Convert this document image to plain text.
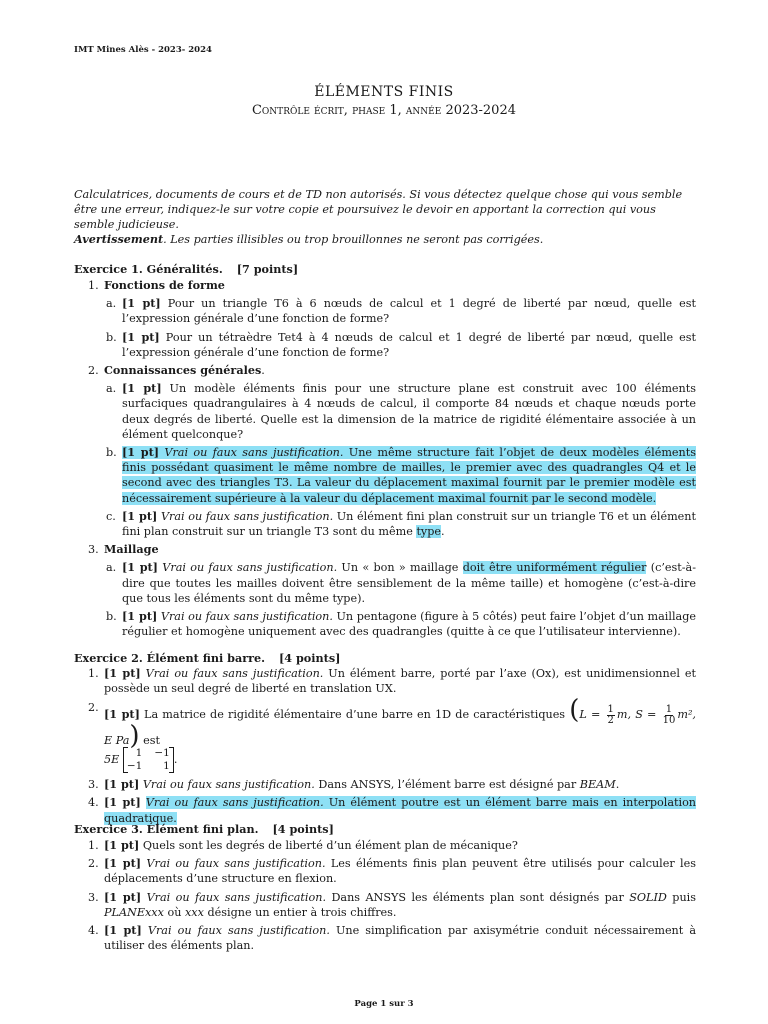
IMT Mines Alès - 2023- 2024
ÉLÉMENTS FINIS
Contrôle écrit, phase 1, année 2023-2024
Calculatrices, documents de cours et de TD non autorisés. Si vous détectez quelque chose qui vous semble être une erreur, indiquez-le sur votre copie et poursuivez le devoir en apportant la correction qui vous semble judicieuse.
Avertissement. Les parties illisibles ou trop brouillonnes ne seront pas corrigées.
Exercice 1. Généralités. [7 points]
1. Fonctions de forme
a. [1 pt] Pour un triangle T6 à 6 nœuds de calcul et 1 degré de liberté par nœud, quelle est l’expression générale d’une fonction de forme?
b. [1 pt] Pour un tétraèdre Tet4 à 4 nœuds de calcul et 1 degré de liberté par nœud, quelle est l’expression générale d’une fonction de forme?
2. Connaissances générales.
a. [1 pt] Un modèle éléments finis pour une structure plane est construit avec 100 éléments surfaciques quadrangulaires à 4 nœuds de calcul, il comporte 84 nœuds et chaque nœuds porte deux degrés de liberté. Quelle est la dimension de la matrice de rigidité élémentaire associée à un élément quelconque?
b. [1 pt] Vrai ou faux sans justification. Une même structure fait l’objet de deux modèles éléments finis possédant quasiment le même nombre de mailles, le premier avec des quadrangles Q4 et le second avec des triangles T3. La valeur du déplacement maximal fournit par le premier modèle est nécessairement supérieure à la valeur du déplacement maximal fournit par le second modèle.
c. [1 pt] Vrai ou faux sans justification. Un élément fini plan construit sur un triangle T6 et un élément fini plan construit sur un triangle T3 sont du même type.
3. Maillage
a. [1 pt] Vrai ou faux sans justification. Un « bon » maillage doit être uniformément régulier (c’est-à-dire que toutes les mailles doivent être sensiblement de la même taille) et homogène (c’est-à-dire que tous les éléments sont du même type).
b. [1 pt] Vrai ou faux sans justification. Un pentagone (figure à 5 côtés) peut faire l’objet d’un maillage régulier et homogène uniquement avec des quadrangles (quitte à ce que l’utilisateur intervienne).
Exercice 2. Élément fini barre. [4 points]
1. [1 pt] Vrai ou faux sans justification. Un élément barre, porté par l’axe (Ox), est unidimensionnel et possède un seul degré de liberté en translation UX.
2. [1 pt] La matrice de rigidité élémentaire d’une barre en 1D de caractéristiques ($L = \frac{1}{2} m$, $S = \frac{1}{10} m^2$, E Pa) est
5E	1 −1
−1	1 .
3. [1 pt] Vrai ou faux sans justification. Dans ANSYS, l’élément barre est désigné par BEAM.
4. [1 pt] Vrai ou faux sans justification. Un élément poutre est un élément barre mais en interpolation quadratique.
Exercice 3. Élément fini plan. [4 points]
1. [1 pt] Quels sont les degrés de liberté d’un élément plan de mécanique?
2. [1 pt] Vrai ou faux sans justification. Les éléments finis plan peuvent être utilisés pour calculer les déplacements d’une structure en flexion.
3. [1 pt] Vrai ou faux sans justification. Dans ANSYS les éléments plan sont désignés par SOLID puis PLANExxx où xxx désigne un entier à trois chiffres.
4. [1 pt] Vrai ou faux sans justification. Une simplification par axisymétrie conduit nécessairement à utiliser des éléments plan.
Page 1 sur 3
